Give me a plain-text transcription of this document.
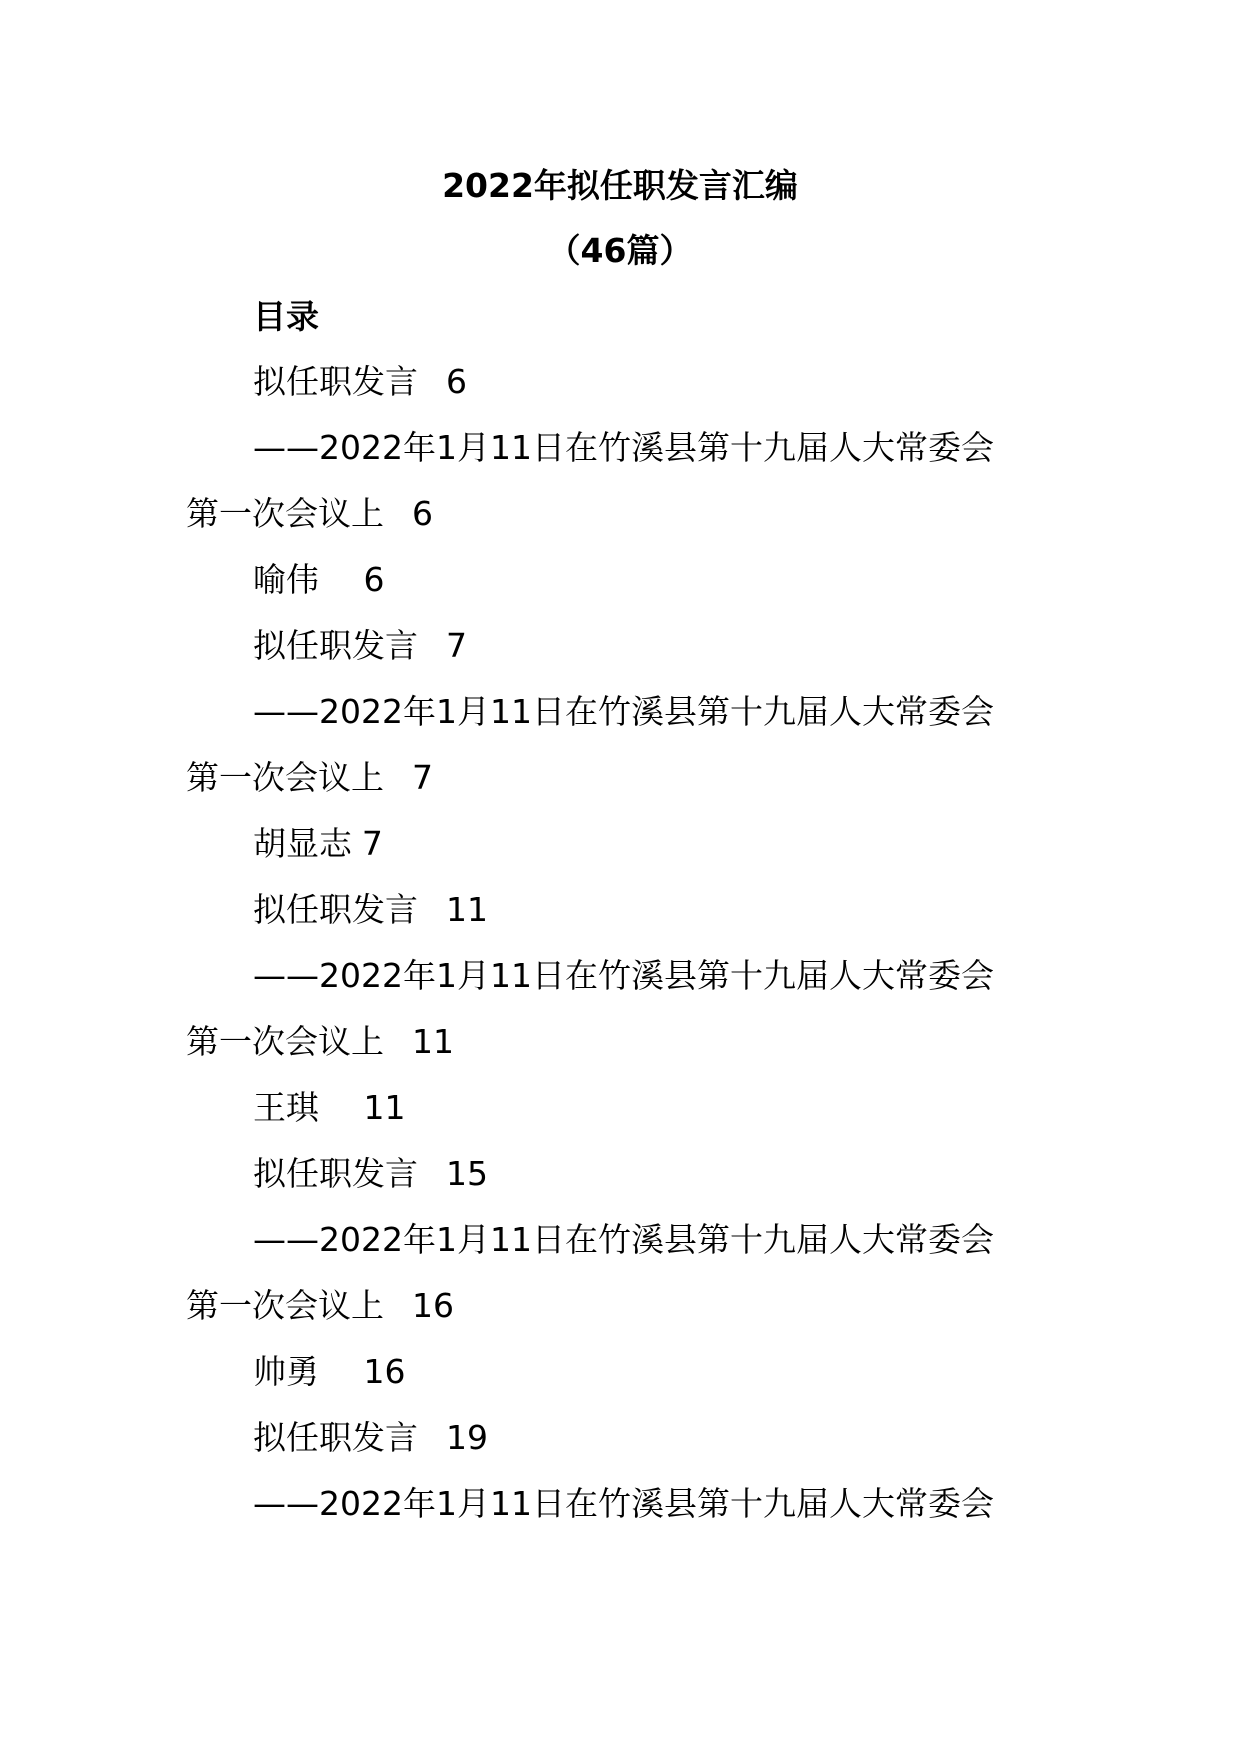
2022年拟任职发言汇编
（46篇）
目录
拟任职发言 6
——2022年1月11日在竹溪县第十九届人大常委会
第一次会议上 6
喻伟 6
拟任职发言 7
——2022年1月11日在竹溪县第十九届人大常委会
第一次会议上 7
胡显志 7
拟任职发言 11
——2022年1月11日在竹溪县第十九届人大常委会
第一次会议上 11
王琪 11
拟任职发言 15
——2022年1月11日在竹溪县第十九届人大常委会
第一次会议上 16
帅勇 16
拟任职发言 19
——2022年1月11日在竹溪县第十九届人大常委会
